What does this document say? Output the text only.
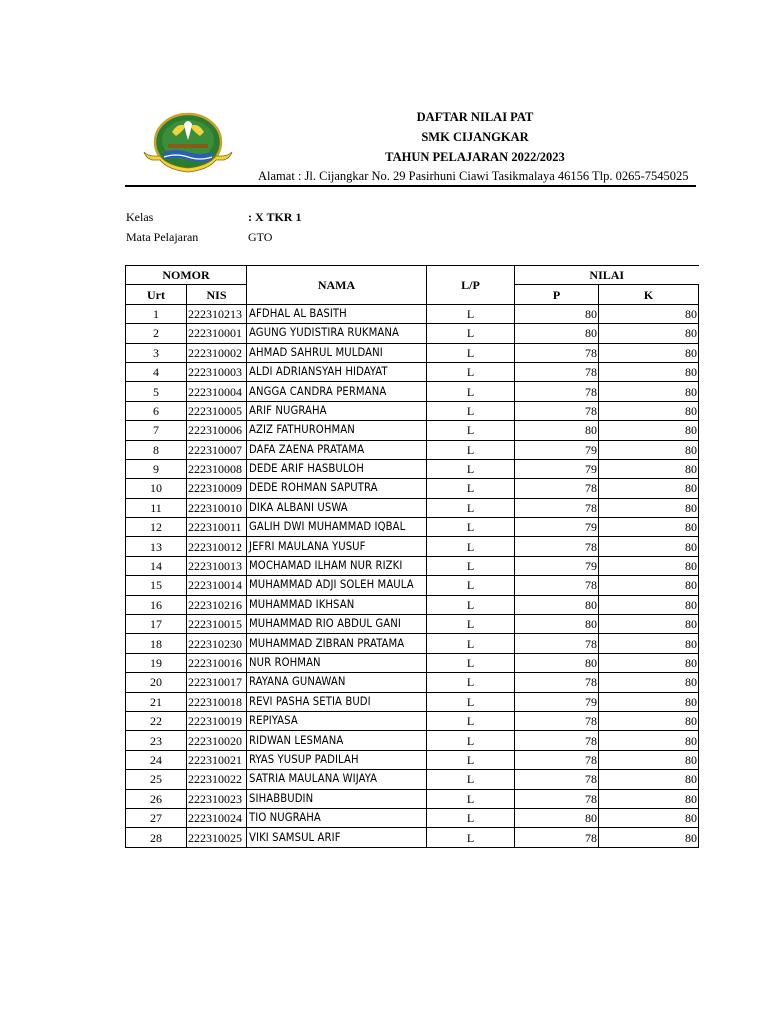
DAFTAR NILAI PAT
SMK CIJANGKAR
TAHUN PELAJARAN 2022/2023
Alamat : Jl. Cijangkar No. 29 Pasirhuni Ciawi Tasikmalaya 46156 Tlp. 0265-7545025
Kelas	: X TKR 1
Mata Pelajaran	GTO
NOMOR		NAMA	L/P	NILAI	
Urt	NIS			P	K
1	222310213	AFDHAL AL BASITH	L	80	80
2	222310001	AGUNG YUDISTIRA RUKMANA	L	80	80
3	222310002	AHMAD SAHRUL MULDANI	L	78	80
4	222310003	ALDI ADRIANSYAH HIDAYAT	L	78	80
5	222310004	ANGGA CANDRA PERMANA	L	78	80
6	222310005	ARIF NUGRAHA	L	78	80
7	222310006	AZIZ FATHUROHMAN	L	80	80
8	222310007	DAFA ZAENA PRATAMA	L	79	80
9	222310008	DEDE ARIF HASBULOH	L	79	80
10	222310009	DEDE ROHMAN SAPUTRA	L	78	80
11	222310010	DIKA ALBANI USWA	L	78	80
12	222310011	GALIH DWI MUHAMMAD IQBAL	L	79	80
13	222310012	JEFRI MAULANA YUSUF	L	78	80
14	222310013	MOCHAMAD ILHAM NUR RIZKI	L	79	80
15	222310014	MUHAMMAD ADJI SOLEH MAULA	L	78	80
16	222310216	MUHAMMAD IKHSAN	L	80	80
17	222310015	MUHAMMAD RIO ABDUL GANI	L	80	80
18	222310230	MUHAMMAD ZIBRAN PRATAMA	L	78	80
19	222310016	NUR ROHMAN	L	80	80
20	222310017	RAYANA GUNAWAN	L	78	80
21	222310018	REVI PASHA SETIA BUDI	L	79	80
22	222310019	REPIYASA	L	78	80
23	222310020	RIDWAN LESMANA	L	78	80
24	222310021	RYAS YUSUP PADILAH	L	78	80
25	222310022	SATRIA MAULANA WIJAYA	L	78	80
26	222310023	SIHABBUDIN	L	78	80
27	222310024	TIO NUGRAHA	L	80	80
28	222310025	VIKI SAMSUL ARIF	L	78	80
